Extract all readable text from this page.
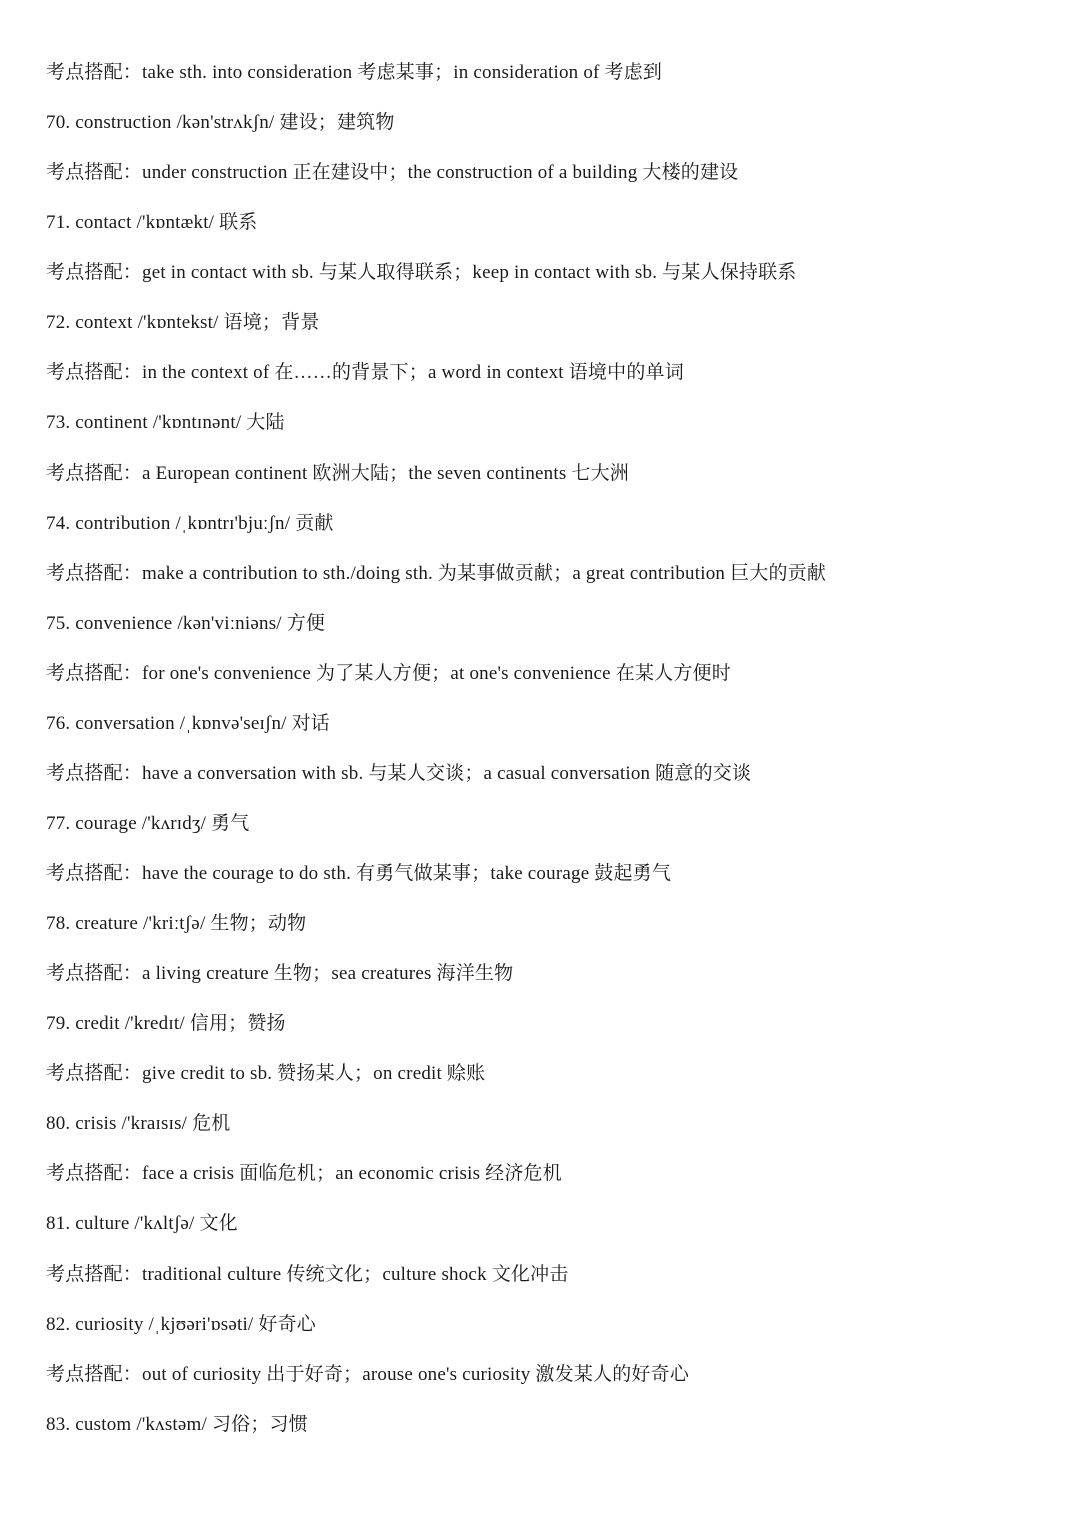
考点搭配：take sth. into consideration 考虑某事；in consideration of 考虑到
70. construction /kən'strʌkʃn/ 建设；建筑物
考点搭配：under construction 正在建设中；the construction of a building 大楼的建设
71. contact /'kɒntækt/ 联系
考点搭配：get in contact with sb. 与某人取得联系；keep in contact with sb. 与某人保持联系
72. context /'kɒntekst/ 语境；背景
考点搭配：in the context of 在……的背景下；a word in context 语境中的单词
73. continent /'kɒntɪnənt/ 大陆
考点搭配：a European continent 欧洲大陆；the seven continents 七大洲
74. contribution /ˌkɒntrɪ'bjuːʃn/ 贡献
考点搭配：make a contribution to sth./doing sth. 为某事做贡献；a great contribution 巨大的贡献
75. convenience /kən'viːniəns/ 方便
考点搭配：for one's convenience 为了某人方便；at one's convenience 在某人方便时
76. conversation /ˌkɒnvə'seɪʃn/ 对话
考点搭配：have a conversation with sb. 与某人交谈；a casual conversation 随意的交谈
77. courage /'kʌrɪdʒ/ 勇气
考点搭配：have the courage to do sth. 有勇气做某事；take courage 鼓起勇气
78. creature /'kriːtʃə/ 生物；动物
考点搭配：a living creature 生物；sea creatures 海洋生物
79. credit /'kredɪt/ 信用；赞扬
考点搭配：give credit to sb. 赞扬某人；on credit 赊账
80. crisis /'kraɪsɪs/ 危机
考点搭配：face a crisis 面临危机；an economic crisis 经济危机
81. culture /'kʌltʃə/ 文化
考点搭配：traditional culture 传统文化；culture shock 文化冲击
82. curiosity /ˌkjʊəri'ɒsəti/ 好奇心
考点搭配：out of curiosity 出于好奇；arouse one's curiosity 激发某人的好奇心
83. custom /'kʌstəm/ 习俗；习惯
